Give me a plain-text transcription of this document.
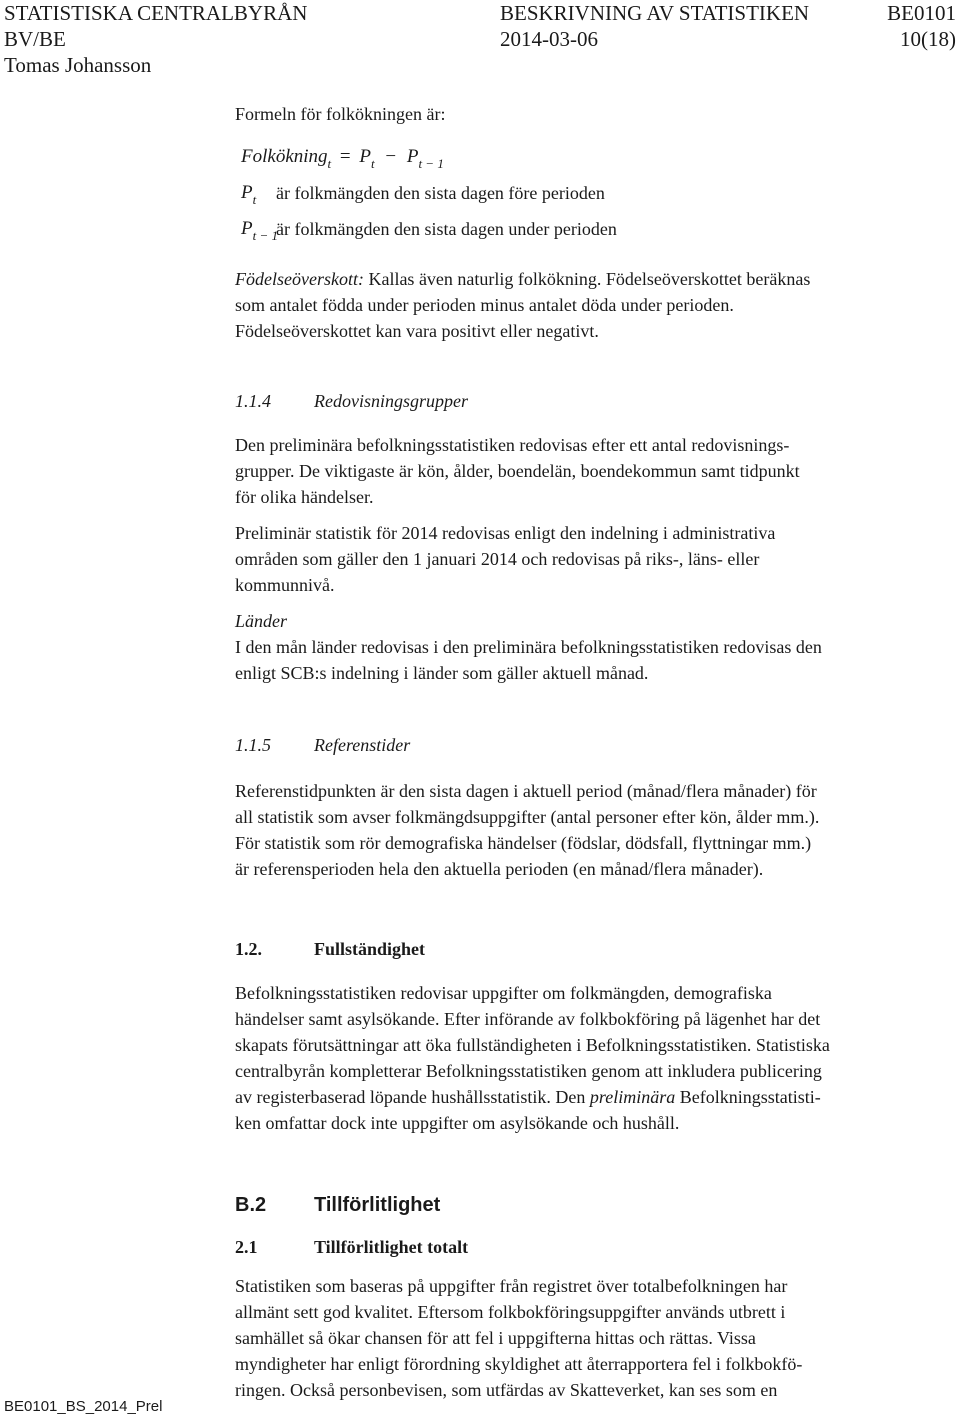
STATISTISKA CENTRALBYRÅN	BESKRIVNING AV STATISTIKEN	BE0101
BV/BE	2014-03-06	10(18)
Tomas Johansson

Formeln för folkökningen är:

Folkökning$_t$ = $P_t - P_{t - 1}$
$P_t$ är folkmängden den sista dagen före perioden
$P_{t - 1}$
är folkmängden den sista dagen under perioden

Födelseöverskott: Kallas även naturlig folkökning. Födelseöverskottet beräknas

som antalet födda under perioden minus antalet döda under perioden.

Födelseöverskottet kan vara positivt eller negativt.

1.1.4 Redovisningsgrupper

Den preliminära befolkningsstatistiken redovisas efter ett antal redovisnings-

grupper. De viktigaste är kön, ålder, boendelän, boendekommun samt tidpunkt

för olika händelser.

Preliminär statistik för 2014 redovisas enligt den indelning i administrativa

områden som gäller den 1 januari 2014 och redovisas på riks-, läns- eller

kommunnivå.

Länder

I den mån länder redovisas i den preliminära befolkningsstatistiken redovisas den

enligt SCB:s indelning i länder som gäller aktuell månad.

1.1.5 Referenstider

Referenstidpunkten är den sista dagen i aktuell period (månad/flera månader) för

all statistik som avser folkmängdsuppgifter (antal personer efter kön, ålder mm.).

För statistik som rör demografiska händelser (födslar, dödsfall, flyttningar mm.)

är referensperioden hela den aktuella perioden (en månad/flera månader).

1.2.	Fullständighet

Befolkningsstatistiken redovisar uppgifter om folkmängden, demografiska

händelser samt asylsökande. Efter införande av folkbokföring på lägenhet har det

skapats förutsättningar att öka fullständigheten i Befolkningsstatistiken. Statistiska

centralbyrån kompletterar Befolkningsstatistiken genom att inkludera publicering

av registerbaserad löpande hushållsstatistik. Den preliminära Befolkningsstatisti-

ken omfattar dock inte uppgifter om asylsökande och hushåll.

B.2 Tillförlitlighet
2.1	Tillförlitlighet totalt

Statistiken som baseras på uppgifter från registret över totalbefolkningen har

allmänt sett god kvalitet. Eftersom folkbokföringsuppgifter används utbrett i

samhället så ökar chansen för att fel i uppgifterna hittas och rättas. Vissa

myndigheter har enligt förordning skyldighet att återrapportera fel i folkbokfö-

ringen. Också personbevisen, som utfärdas av Skatteverket, kan ses som en

BE0101_BS_2014_Prel
